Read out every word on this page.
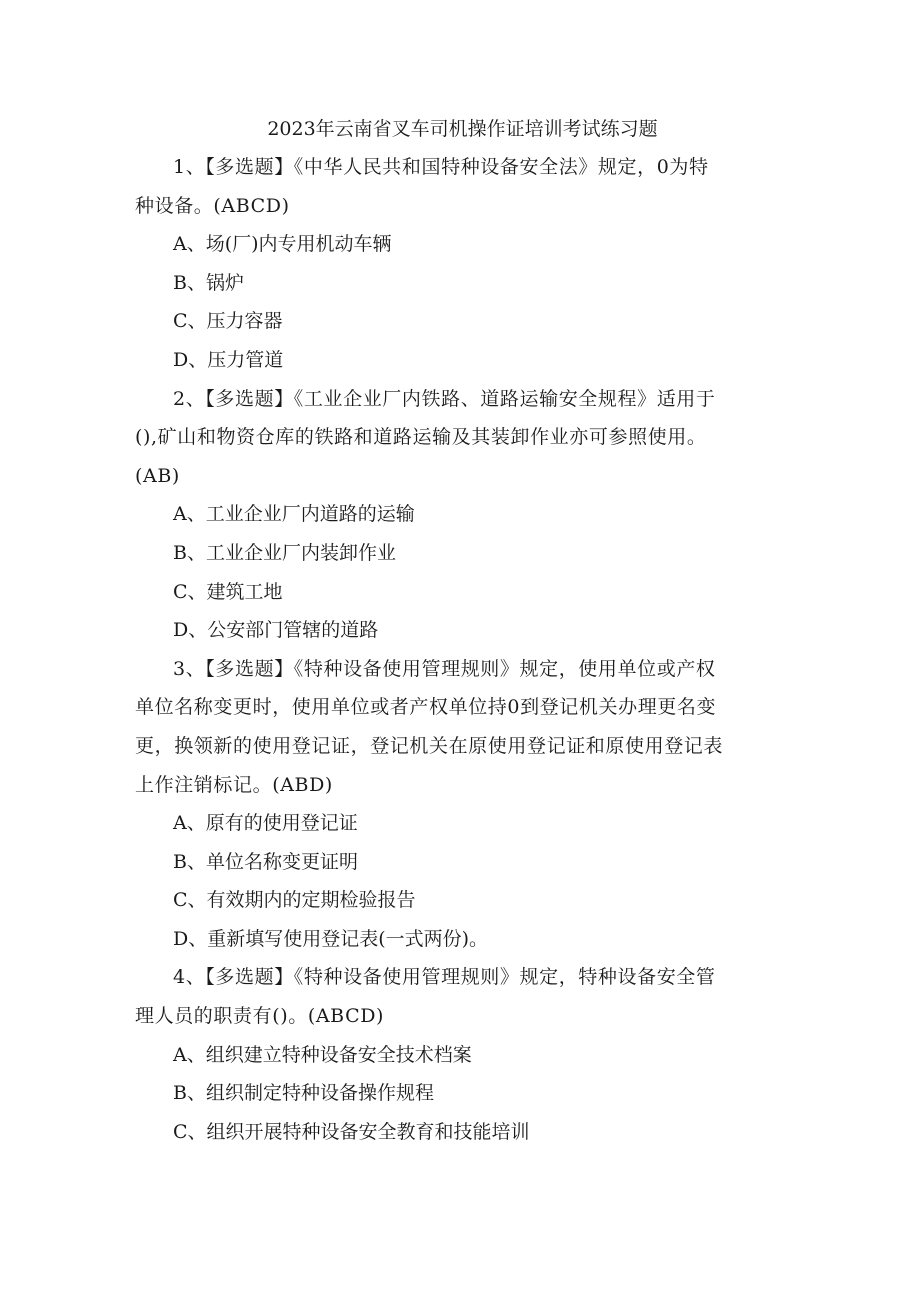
2023年云南省叉车司机操作证培训考试练习题
1、【多选题】《中华人民共和国特种设备安全法》规定，0为特
种设备。(ABCD)
A、场(厂)内专用机动车辆
B、锅炉
C、压力容器
D、压力管道
2、【多选题】《工业企业厂内铁路、道路运输安全规程》适用于
(),矿山和物资仓库的铁路和道路运输及其装卸作业亦可参照使用。
(AB)
A、工业企业厂内道路的运输
B、工业企业厂内装卸作业
C、建筑工地
D、公安部门管辖的道路
3、【多选题】《特种设备使用管理规则》规定，使用单位或产权
单位名称变更时，使用单位或者产权单位持0到登记机关办理更名变
更，换领新的使用登记证，登记机关在原使用登记证和原使用登记表
上作注销标记。(ABD)
A、原有的使用登记证
B、单位名称变更证明
C、有效期内的定期检验报告
D、重新填写使用登记表(一式两份)。
4、【多选题】《特种设备使用管理规则》规定，特种设备安全管
理人员的职责有()。(ABCD)
A、组织建立特种设备安全技术档案
B、组织制定特种设备操作规程
C、组织开展特种设备安全教育和技能培训
